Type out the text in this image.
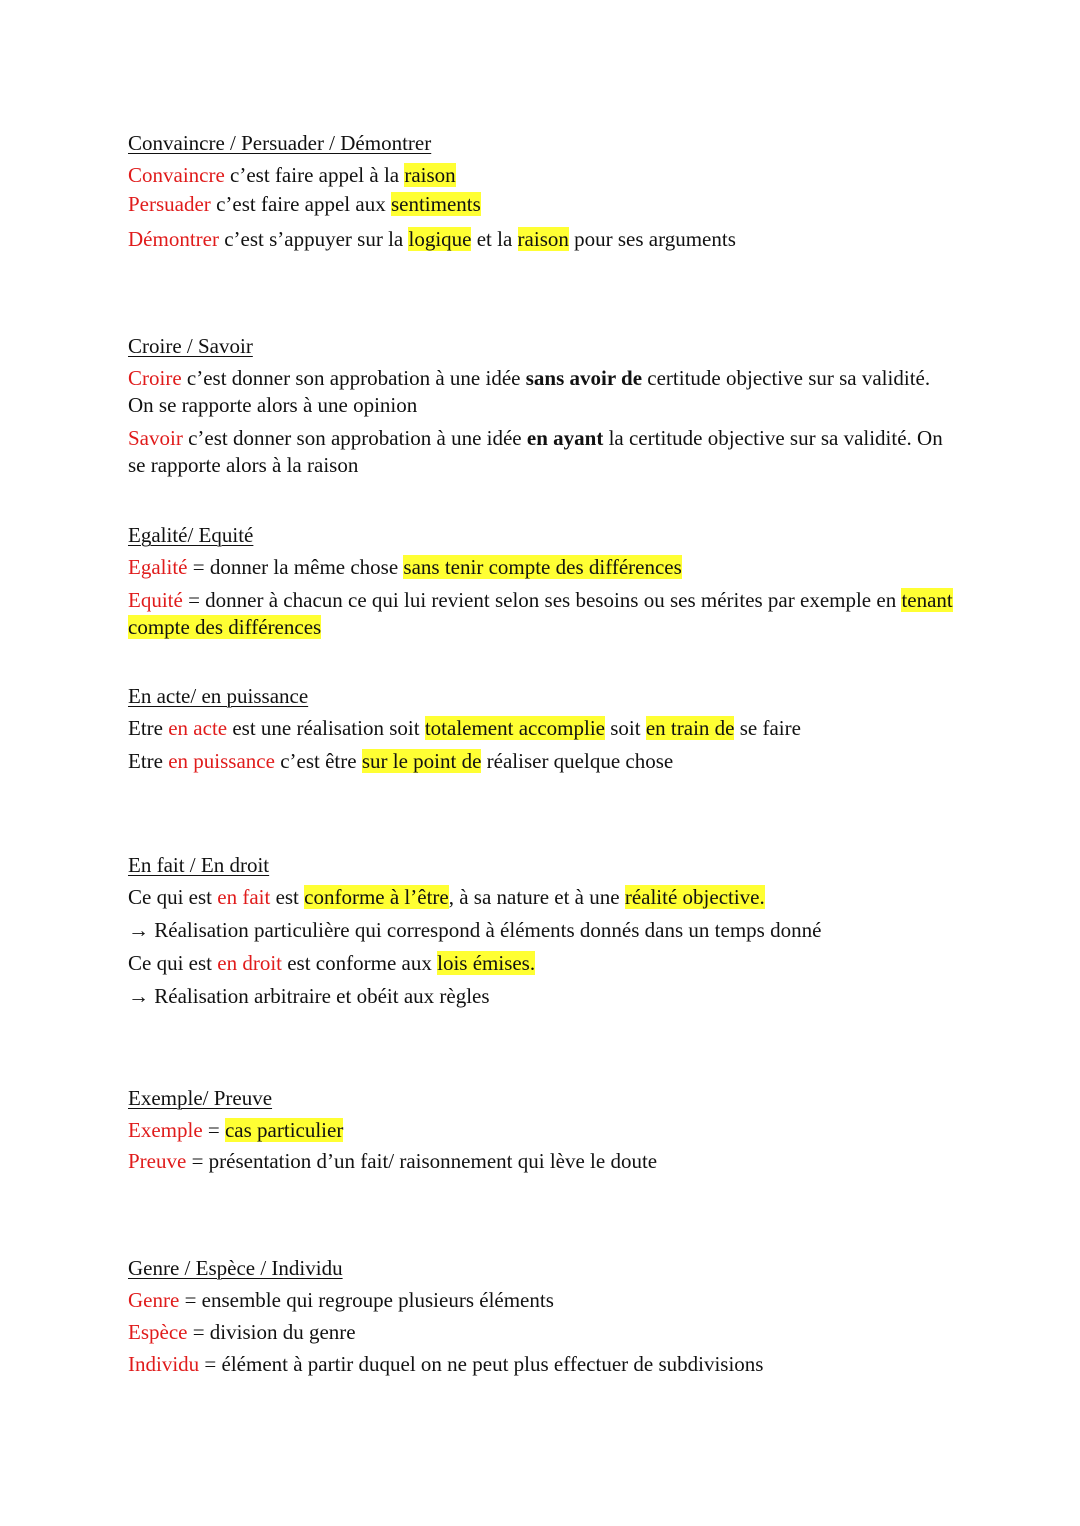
Convaincre / Persuader / Démontrer

Convaincre c’est faire appel à la raison

Persuader c’est faire appel aux sentiments

Démontrer c’est s’appuyer sur la logique et la raison pour ses arguments

Croire / Savoir

Croire c’est donner son approbation à une idée sans avoir de certitude objective sur sa validité. On se rapporte alors à une opinion

Savoir c’est donner son approbation à une idée en ayant la certitude objective sur sa validité. On se rapporte alors à la raison

Egalité/ Equité

Egalité = donner la même chose sans tenir compte des différences

Equité = donner à chacun ce qui lui revient selon ses besoins ou ses mérites par exemple en tenant compte des différences

En acte/ en puissance

Etre en acte est une réalisation soit totalement accomplie soit en train de se faire

Etre en puissance c’est être sur le point de réaliser quelque chose

En fait / En droit

Ce qui est en fait est conforme à l’être, à sa nature et à une réalité objective.

→ Réalisation particulière qui correspond à éléments donnés dans un temps donné

Ce qui est en droit est conforme aux lois émises.

→ Réalisation arbitraire et obéit aux règles

Exemple/ Preuve

Exemple = cas particulier

Preuve = présentation d’un fait/ raisonnement qui lève le doute

Genre / Espèce / Individu

Genre = ensemble qui regroupe plusieurs éléments

Espèce = division du genre

Individu = élément à partir duquel on ne peut plus effectuer de subdivisions
